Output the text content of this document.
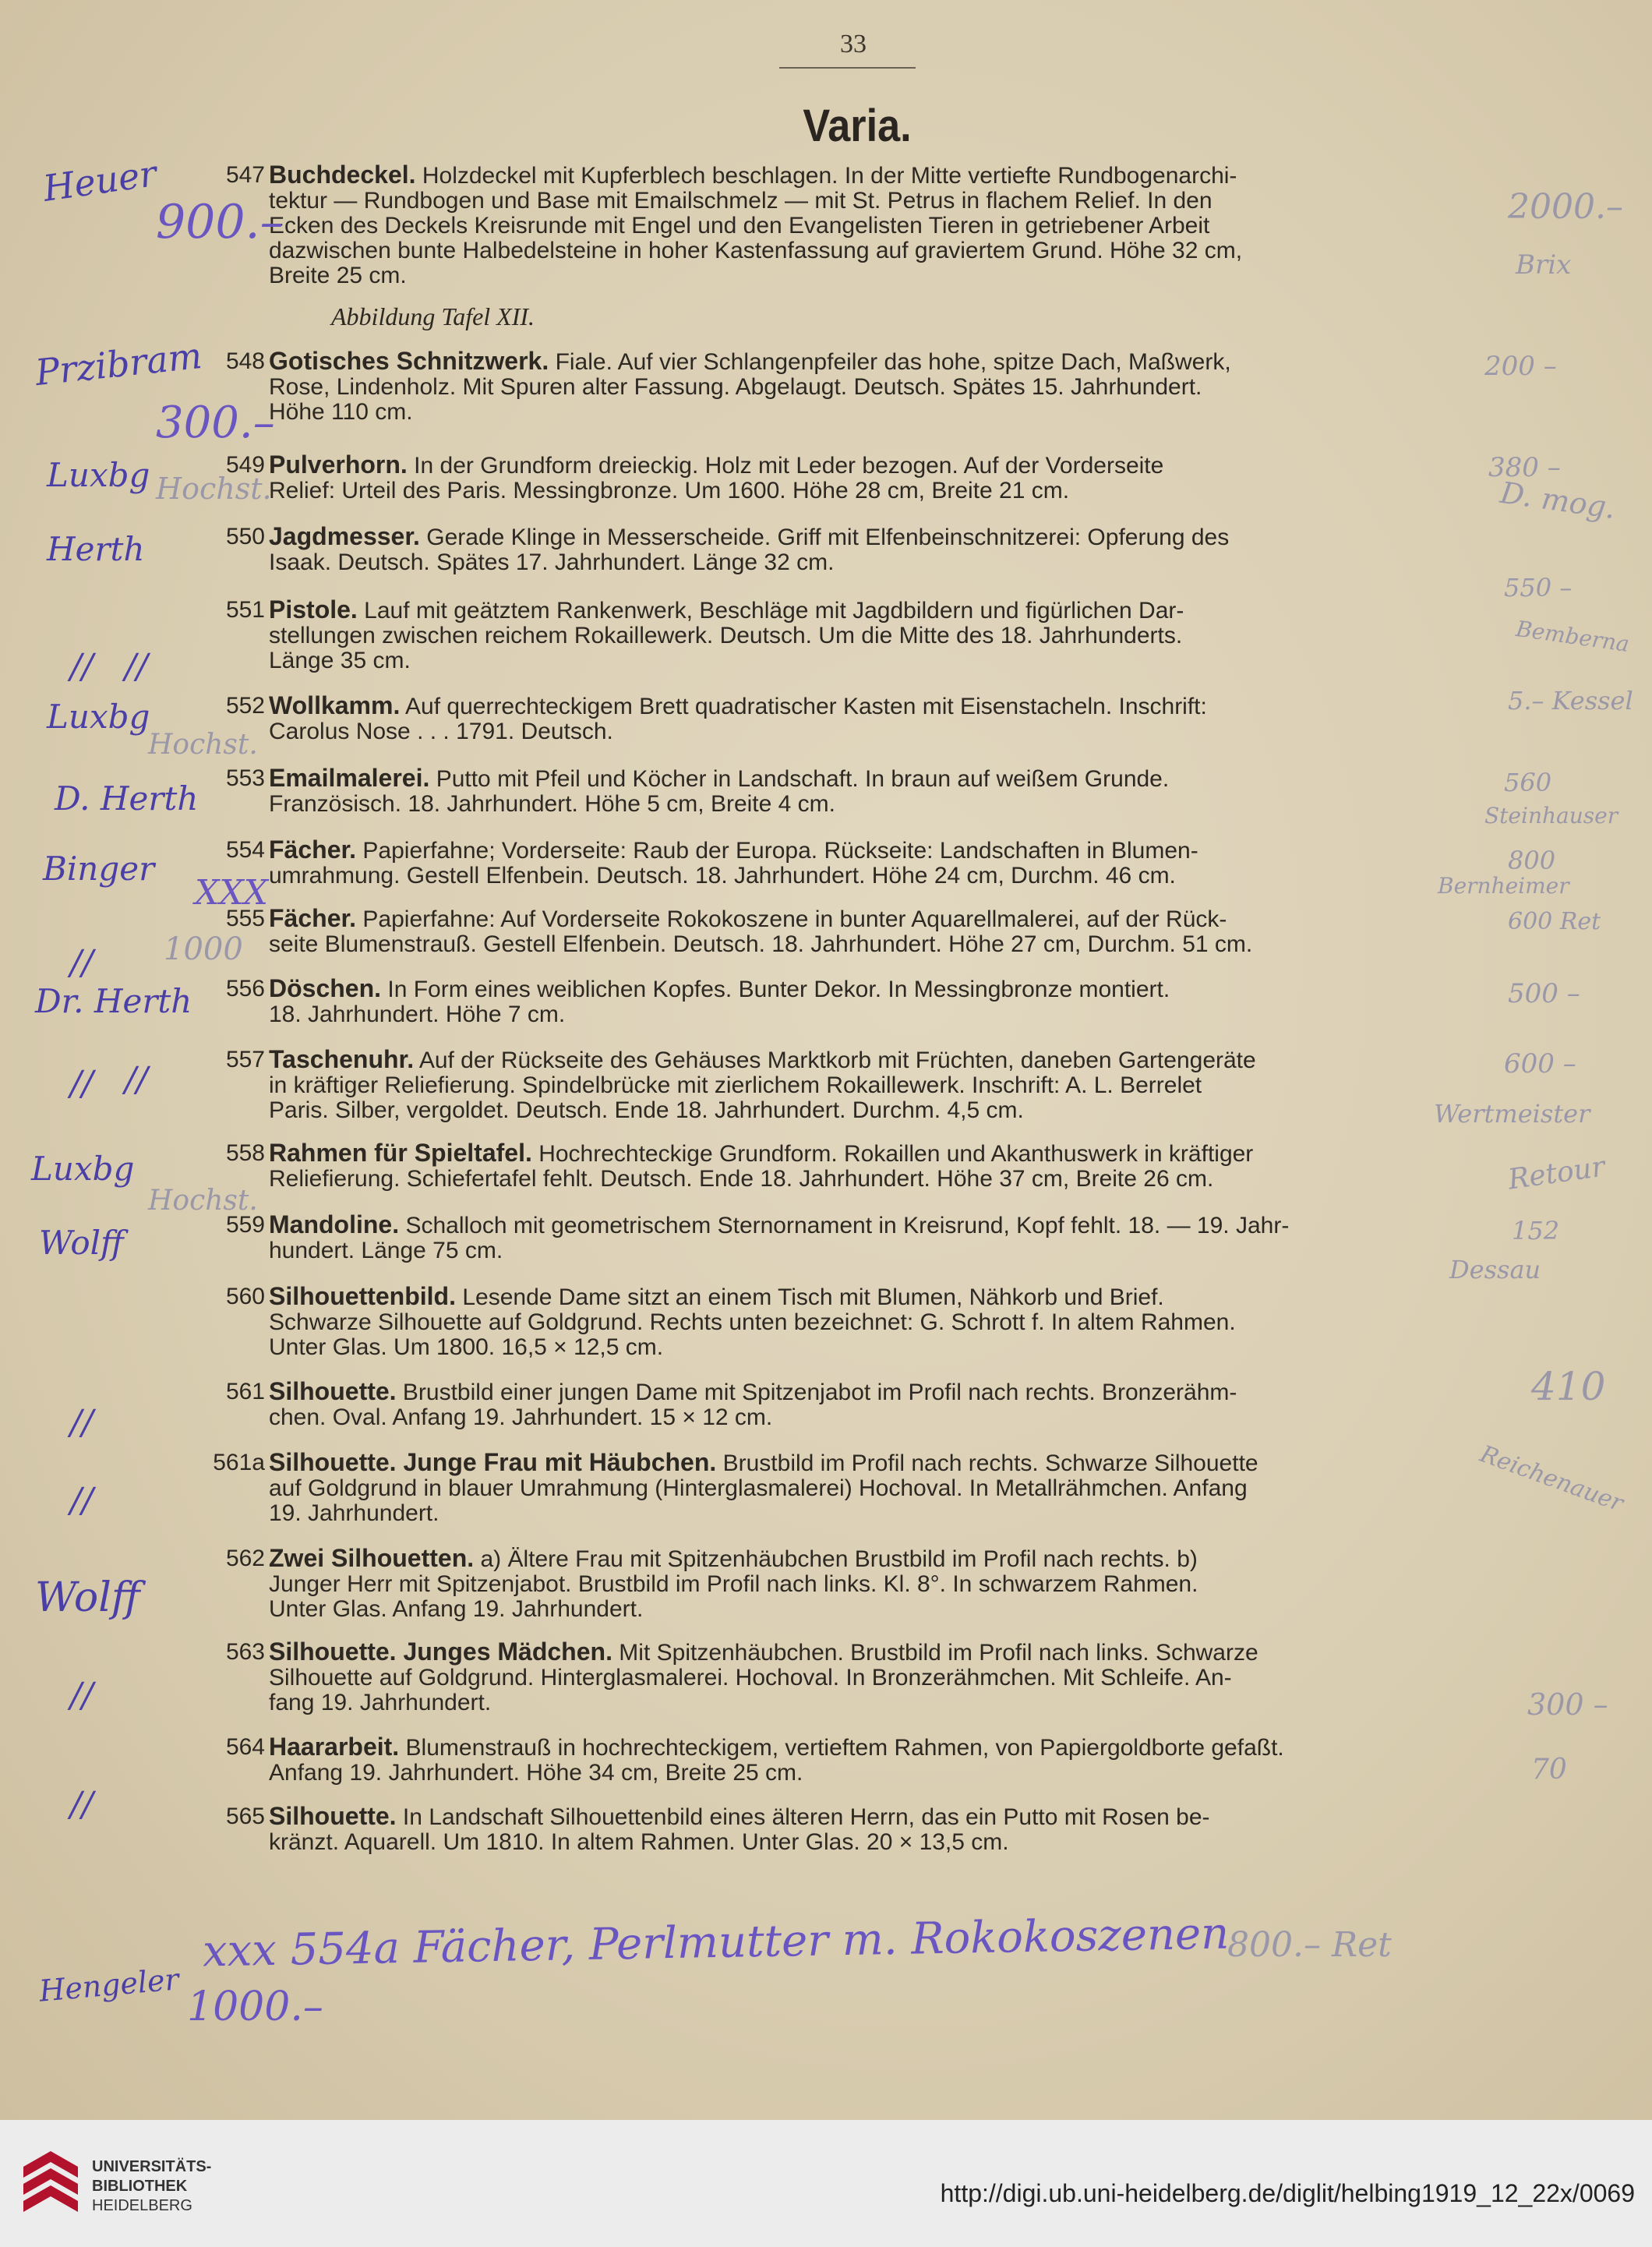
33
Varia.
547 Buchdeckel. Holzdeckel mit Kupferblech beschlagen. In der Mitte vertiefte Rundbogenarchi-
tektur — Rundbogen und Base mit Emailschmelz — mit St. Petrus in flachem Relief. In den
Ecken des Deckels Kreisrunde mit Engel und den Evangelisten Tieren in getriebener Arbeit
dazwischen bunte Halbedelsteine in hoher Kastenfassung auf graviertem Grund. Höhe 32 cm,
Breite 25 cm.
548 Gotisches Schnitzwerk. Fiale. Auf vier Schlangenpfeiler das hohe, spitze Dach, Maßwerk,
Rose, Lindenholz. Mit Spuren alter Fassung. Abgelaugt. Deutsch. Spätes 15. Jahrhundert.
Höhe 110 cm.
549 Pulverhorn. In der Grundform dreieckig. Holz mit Leder bezogen. Auf der Vorderseite
Relief: Urteil des Paris. Messingbronze. Um 1600. Höhe 28 cm, Breite 21 cm.
550 Jagdmesser. Gerade Klinge in Messerscheide. Griff mit Elfenbeinschnitzerei: Opferung des
Isaak. Deutsch. Spätes 17. Jahrhundert. Länge 32 cm.
551 Pistole. Lauf mit geätztem Rankenwerk, Beschläge mit Jagdbildern und figürlichen Dar-
stellungen zwischen reichem Rokaillewerk. Deutsch. Um die Mitte des 18. Jahrhunderts.
Länge 35 cm.
552 Wollkamm. Auf querrechteckigem Brett quadratischer Kasten mit Eisenstacheln. Inschrift:
Carolus Nose . . . 1791. Deutsch.
553 Emailmalerei. Putto mit Pfeil und Köcher in Landschaft. In braun auf weißem Grunde.
Französisch. 18. Jahrhundert. Höhe 5 cm, Breite 4 cm.
554 Fächer. Papierfahne; Vorderseite: Raub der Europa. Rückseite: Landschaften in Blumen-
umrahmung. Gestell Elfenbein. Deutsch. 18. Jahrhundert. Höhe 24 cm, Durchm. 46 cm.
555 Fächer. Papierfahne: Auf Vorderseite Rokokoszene in bunter Aquarellmalerei, auf der Rück-
seite Blumenstrauß. Gestell Elfenbein. Deutsch. 18. Jahrhundert. Höhe 27 cm, Durchm. 51 cm.
556 Döschen. In Form eines weiblichen Kopfes. Bunter Dekor. In Messingbronze montiert.
18. Jahrhundert. Höhe 7 cm.
557 Taschenuhr. Auf der Rückseite des Gehäuses Marktkorb mit Früchten, daneben Gartengeräte
in kräftiger Reliefierung. Spindelbrücke mit zierlichem Rokaillewerk. Inschrift: A. L. Berrelet
Paris. Silber, vergoldet. Deutsch. Ende 18. Jahrhundert. Durchm. 4,5 cm.
558 Rahmen für Spieltafel. Hochrechteckige Grundform. Rokaillen und Akanthuswerk in kräftiger
Reliefierung. Schiefertafel fehlt. Deutsch. Ende 18. Jahrhundert. Höhe 37 cm, Breite 26 cm.
559 Mandoline. Schalloch mit geometrischem Sternornament in Kreisrund, Kopf fehlt. 18. — 19. Jahr-
hundert. Länge 75 cm.
560 Silhouettenbild. Lesende Dame sitzt an einem Tisch mit Blumen, Nähkorb und Brief.
Schwarze Silhouette auf Goldgrund. Rechts unten bezeichnet: G. Schrott f. In altem Rahmen.
Unter Glas. Um 1800. 16,5 × 12,5 cm.
561 Silhouette. Brustbild einer jungen Dame mit Spitzenjabot im Profil nach rechts. Bronzerähm-
chen. Oval. Anfang 19. Jahrhundert. 15 × 12 cm.
561a Silhouette. Junge Frau mit Häubchen. Brustbild im Profil nach rechts. Schwarze Silhouette
auf Goldgrund in blauer Umrahmung (Hinterglasmalerei) Hochoval. In Metallrähmchen. Anfang
19. Jahrhundert.
562 Zwei Silhouetten. a) Ältere Frau mit Spitzenhäubchen Brustbild im Profil nach rechts. b)
Junger Herr mit Spitzenjabot. Brustbild im Profil nach links. Kl. 8°. In schwarzem Rahmen.
Unter Glas. Anfang 19. Jahrhundert.
563 Silhouette. Junges Mädchen. Mit Spitzenhäubchen. Brustbild im Profil nach links. Schwarze
Silhouette auf Goldgrund. Hinterglasmalerei. Hochoval. In Bronzerähmchen. Mit Schleife. An-
fang 19. Jahrhundert.
564 Haararbeit. Blumenstrauß in hochrechteckigem, vertieftem Rahmen, von Papiergoldborte gefaßt.
Anfang 19. Jahrhundert. Höhe 34 cm, Breite 25 cm.
565 Silhouette. In Landschaft Silhouettenbild eines älteren Herrn, das ein Putto mit Rosen be-
kränzt. Aquarell. Um 1810. In altem Rahmen. Unter Glas. 20 × 13,5 cm.
Abbildung Tafel XII.
Heuer
900.–
Przibram
300.–
Luxbg Hochst.
Herth
Luxbg
Hochst.
D. Herth
Binger
XXX
1000
Dr. Herth
Luxbg
Hochst.
Wolff
Wolff
Hengeler 1000.–
// //
//
// //
//
//
//
//
2000.–
Brix
200 –
380 –
D. mog.
550 –
Bemberna
5.– Kessel
560
Steinhauser
800
Bernheimer
600 Ret
500 –
600 –
Wertmeister
Retour
152
Dessau
410
Reichenauer
300 –
70
xxx 554a Fächer, Perlmutter m. Rokokoszenen
800.– Ret
UNIVERSITÄTS-
BIBLIOTHEK
HEIDELBERG	http://digi.ub.uni-heidelberg.de/diglit/helbing1919_12_22x/0069
